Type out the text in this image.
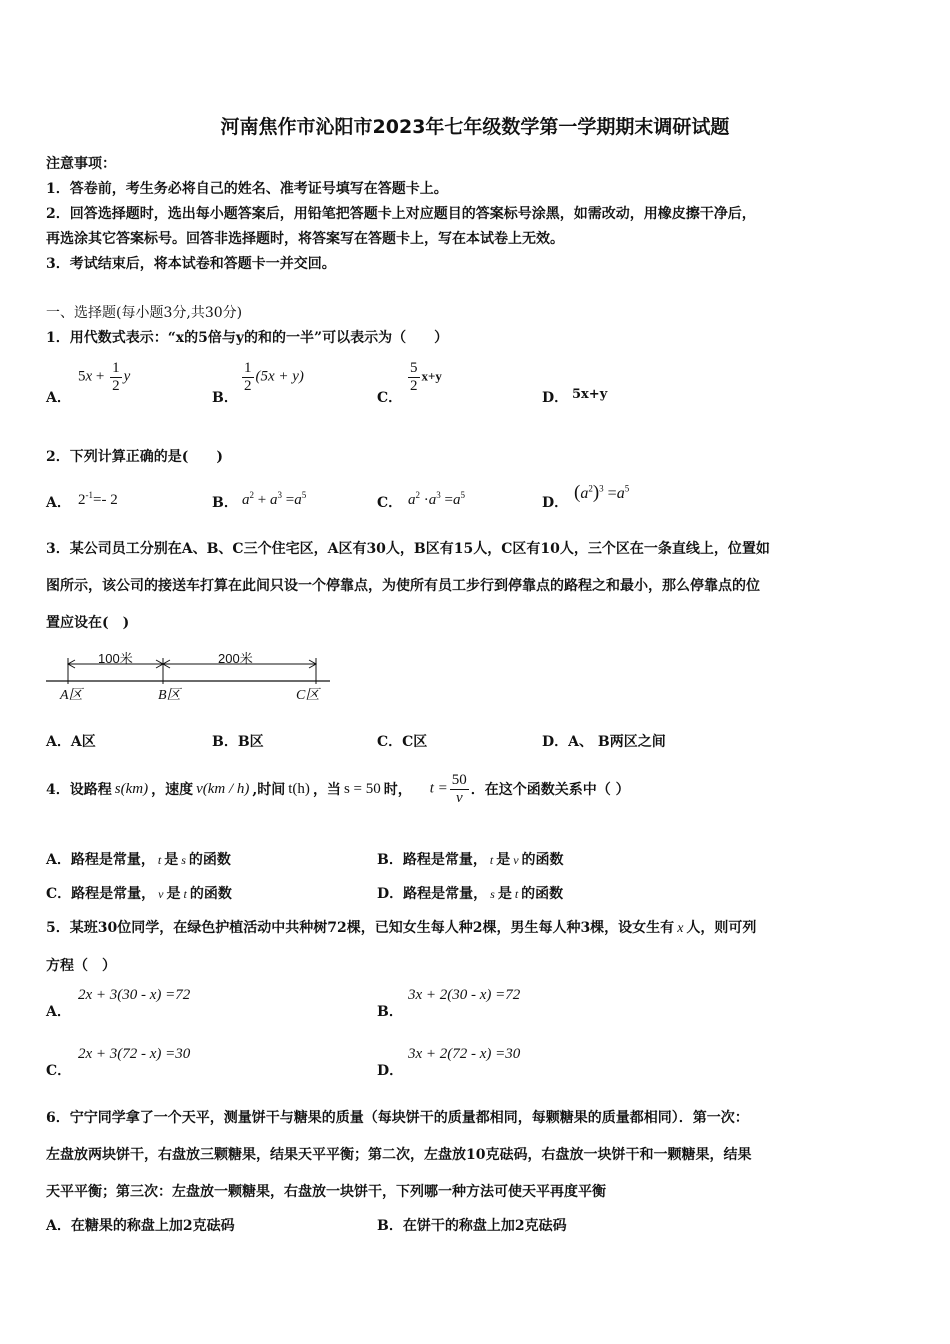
河南焦作市沁阳市2023年七年级数学第一学期期末调研试题
注意事项：
1．答卷前，考生务必将自己的姓名、准考证号填写在答题卡上。
2．回答选择题时，选出每小题答案后，用铅笔把答题卡上对应题目的答案标号涂黑，如需改动，用橡皮擦干净后，
再选涂其它答案标号。回答非选择题时，将答案写在答题卡上，写在本试卷上无效。
3．考试结束后，将本试卷和答题卡一并交回。
一、选择题(每小题3分,共30分)
1．用代数式表示：“x的5倍与y的和的一半”可以表示为（　　）
A．
$5x + \frac{1}{2}$ y
B．
$\frac{1}{2} (5x + y)$
C．
$\frac{5}{2} x+y$
D． 5x+y
2．下列计算正确的是(　　)
A． $2^{-1}=-$ 2	B． $a^2 + a^3 =a^5$	C． $a^2 \cdot a^3 =a^5$	D． $(a^2)^3 =a^5$
3．某公司员工分别在A、B、C三个住宅区，A区有30人，B区有15人，C区有10人，三个区在一条直线上，位置如
图所示，该公司的接送车打算在此间只设一个停靠点，为使所有员工步行到停靠点的路程之和最小，那么停靠点的位
置应设在(　)
100米	200米
A区	B区	C区
A．A区	B．B区	C．C区	D．A、 B两区之间
4．设路程 s(km) ，速度 v(km / h) ,时间 t(h) ，当 s = 50 时， $t = \frac{50}{v}$ ．在这个函数关系中（ ）
A．路程是常量， t 是 s 的函数	B．路程是常量， t 是 v 的函数
C．路程是常量， v 是 t 的函数	D．路程是常量， s 是 t 的函数
5．某班30位同学，在绿色护植活动中共种树72棵，已知女生每人种2棵，男生每人种3棵，设女生有 x 人，则可列
方程（　）
A．
2x + 3(30 - x) =72
B．
3x + 2(30 - x) =72
C．
2x + 3(72 - x) =30
D．
3x + 2(72 - x) =30
6．宁宁同学拿了一个天平，测量饼干与糖果的质量（每块饼干的质量都相同，每颗糖果的质量都相同）．第一次：
左盘放两块饼干，右盘放三颗糖果，结果天平平衡；第二次，左盘放10克砝码，右盘放一块饼干和一颗糖果，结果
天平平衡；第三次：左盘放一颗糖果，右盘放一块饼干，下列哪一种方法可使天平再度平衡
A．在糖果的称盘上加2克砝码	B．在饼干的称盘上加2克砝码
